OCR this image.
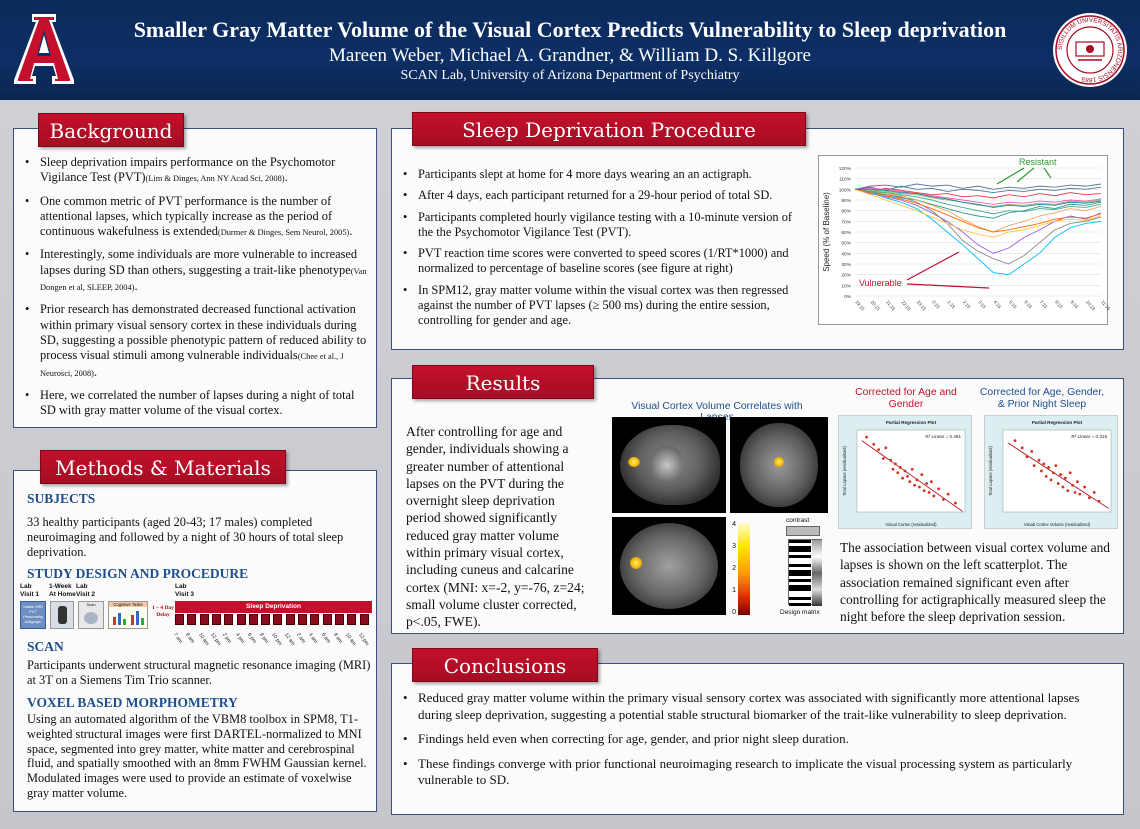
Smaller Gray Matter Volume of the Visual Cortex Predicts Vulnerability to Sleep deprivation
Mareen Weber, Michael A. Grandner, & William D. S. Killgore
SCAN Lab, University of Arizona Department of Psychiatry
SIGILLUM UNIVERSITATIS ARIZONENSIS 1885
• Sleep deprivation impairs performance on the Psychomotor Vigilance Test (PVT)(Lim & Dinges, Ann NY Acad Sci, 2008).
• One common metric of PVT performance is the number of attentional lapses, which typically increase as the period of continuous wakefulness is extended(Durmer & Dinges, Sem Neurol, 2005).
• Interestingly, some individuals are more vulnerable to increased lapses during SD than others, suggesting a trait-like phenotype(Van Dongen et al, SLEEP, 2004).
• Prior research has demonstrated decreased functional activation within primary visual sensory cortex in these individuals during SD, suggesting a possible phenotypic pattern of reduced ability to process visual stimuli among vulnerable individuals(Chee et al., J Neurosci, 2008).
• Here, we correlated the number of lapses during a night of total SD with gray matter volume of the visual cortex.
Background
SUBJECTS
33 healthy participants (aged 20-43; 17 males) completed neuroimaging and followed by a night of 30 hours of total sleep deprivation.
STUDY DESIGN AND PROCEDURE
Lab Visit 1
1-Week At Home
Lab Visit 2
Lab Visit 3
Intake MRI PVT Personality Actigraph
Scan	Cognitive Tasks
1 – 4 Day Delay
Sleep Deprivation
7 am 8 am 10 am 12 pm 2 pm 4 pm 6 pm 8 pm 10 pm 12 am 2 am 4 am 6 am 8 am 10 am 12 pm
SCAN
Participants underwent structural magnetic resonance imaging (MRI) at 3T on a Siemens Tim Trio scanner.
VOXEL BASED MORPHOMETRY
Using an automated algorithm of the VBM8 toolbox in SPM8, T1-weighted structural images were first DARTEL-normalized to MNI space, segmented into grey matter, white matter and cerebrospinal fluid, and spatially smoothed with an 8mm FWHM Gaussian kernel. Modulated images were used to provide an estimate of voxelwise gray matter volume.
Methods & Materials
• Participants slept at home for 4 more days wearing an an actigraph.
• After 4 days, each participant returned for a 29-hour period of total SD.
• Participants completed hourly vigilance testing with a 10-minute version of the the Psychomotor Vigilance Test (PVT).
• PVT reaction time scores were converted to speed scores (1/RT*1000) and normalized to percentage of baseline scores (see figure at right)
• In SPM12, gray matter volume within the visual cortex was then regressed against the number of PVT lapses (≥ 500 ms) during the entire session, controlling for gender and age.
0%
10%
20%
30%
40%
50%
60%
70%
80%
90%
100%
110%
120%
19:15 20:15 21:15 22:15 23:15 0:15 1:15 2:15 3:15 4:15 5:15 6:15 7:15 8:15 9:15 10:15 11:15
Speed (% of Baseline)
Resistant
Vulnerable
Sleep Deprivation Procedure
After controlling for age and gender, individuals showing a greater number of attentional lapses on the PVT during the overnight sleep deprivation period showed significantly reduced gray matter volume within primary visual cortex, including cuneus and calcarine cortex (MNI: x=-2, y=-76, z=24; small volume cluster corrected, p<.05, FWE).
Visual Cortex Volume Correlates with
4
3
2
1
0
contrast
Design matrix
Corrected for Age and Gender
Corrected for Age, Gender, & Prior Night Sleep
Partial Regression Plot
R² Linear = 0.491
Visual Cortex (residualized)
Total Lapses (residualized)
Partial Regression Plot
R² Linear = 0.316
Visual Cortex Volume (residualized)
Total Lapses (residualized)
The association between visual cortex volume and lapses is shown on the left scatterplot. The association remained significant even after controlling for actigraphically measured sleep the night before the sleep deprivation session.
Results
• Reduced gray matter volume within the primary visual sensory cortex was associated with significantly more attentional lapses during sleep deprivation, suggesting a potential stable structural biomarker of the trait-like vulnerability to sleep deprivation.
• Findings held even when correcting for age, gender, and prior night sleep duration.
• These findings converge with prior functional neuroimaging research to implicate the visual processing system as particularly vulnerable to SD.
Conclusions
